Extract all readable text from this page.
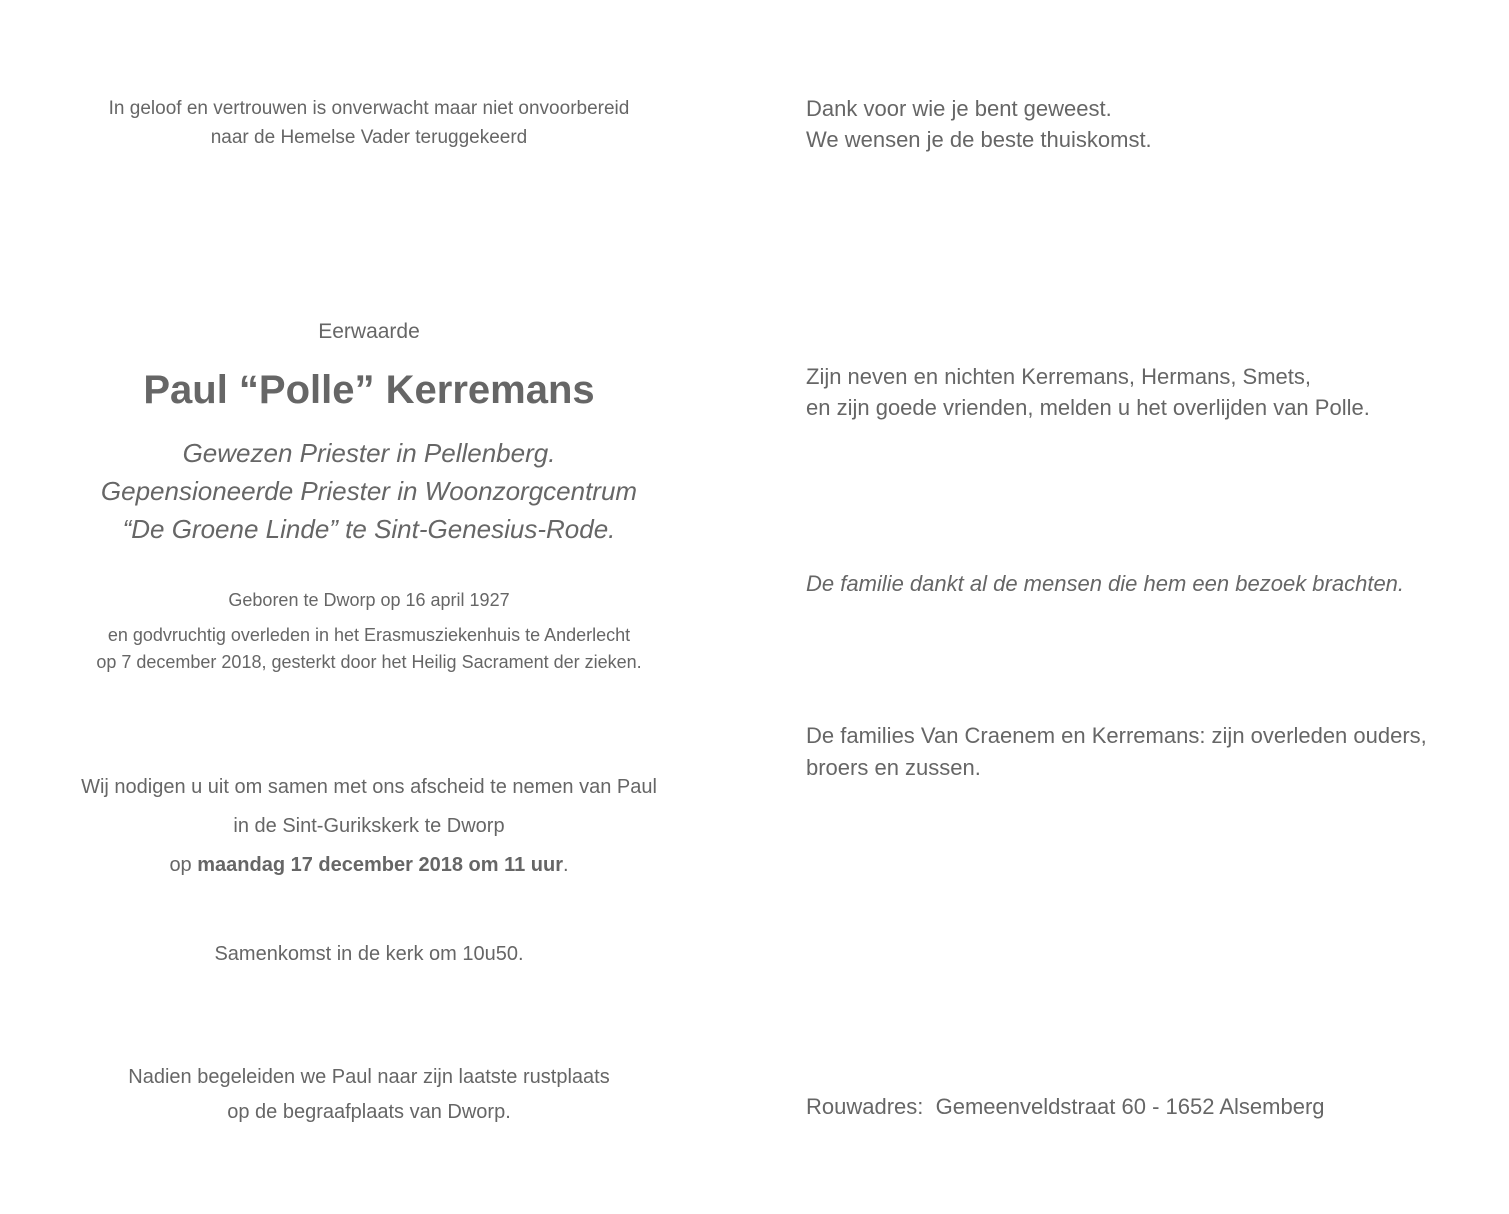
In geloof en vertrouwen is onverwacht maar niet onvoorbereid
naar de Hemelse Vader teruggekeerd
Eerwaarde
Paul “Polle” Kerremans
Gewezen Priester in Pellenberg.
Gepensioneerde Priester in Woonzorgcentrum
“De Groene Linde” te Sint-Genesius-Rode.
Geboren te Dworp op 16 april 1927
en godvruchtig overleden in het Erasmusziekenhuis te Anderlecht
op 7 december 2018, gesterkt door het Heilig Sacrament der zieken.
Wij nodigen u uit om samen met ons afscheid te nemen van Paul
in de Sint-Gurikskerk te Dworp
op maandag 17 december 2018 om 11 uur.
Samenkomst in de kerk om 10u50.
Nadien begeleiden we Paul naar zijn laatste rustplaats
op de begraafplaats van Dworp.
Dank voor wie je bent geweest.
We wensen je de beste thuiskomst.
Zijn neven en nichten Kerremans, Hermans, Smets,
en zijn goede vrienden, melden u het overlijden van Polle.
De familie dankt al de mensen die hem een bezoek brachten.
De families Van Craenem en Kerremans: zijn overleden ouders,
broers en zussen.
Rouwadres:  Gemeenveldstraat 60 - 1652 Alsemberg
